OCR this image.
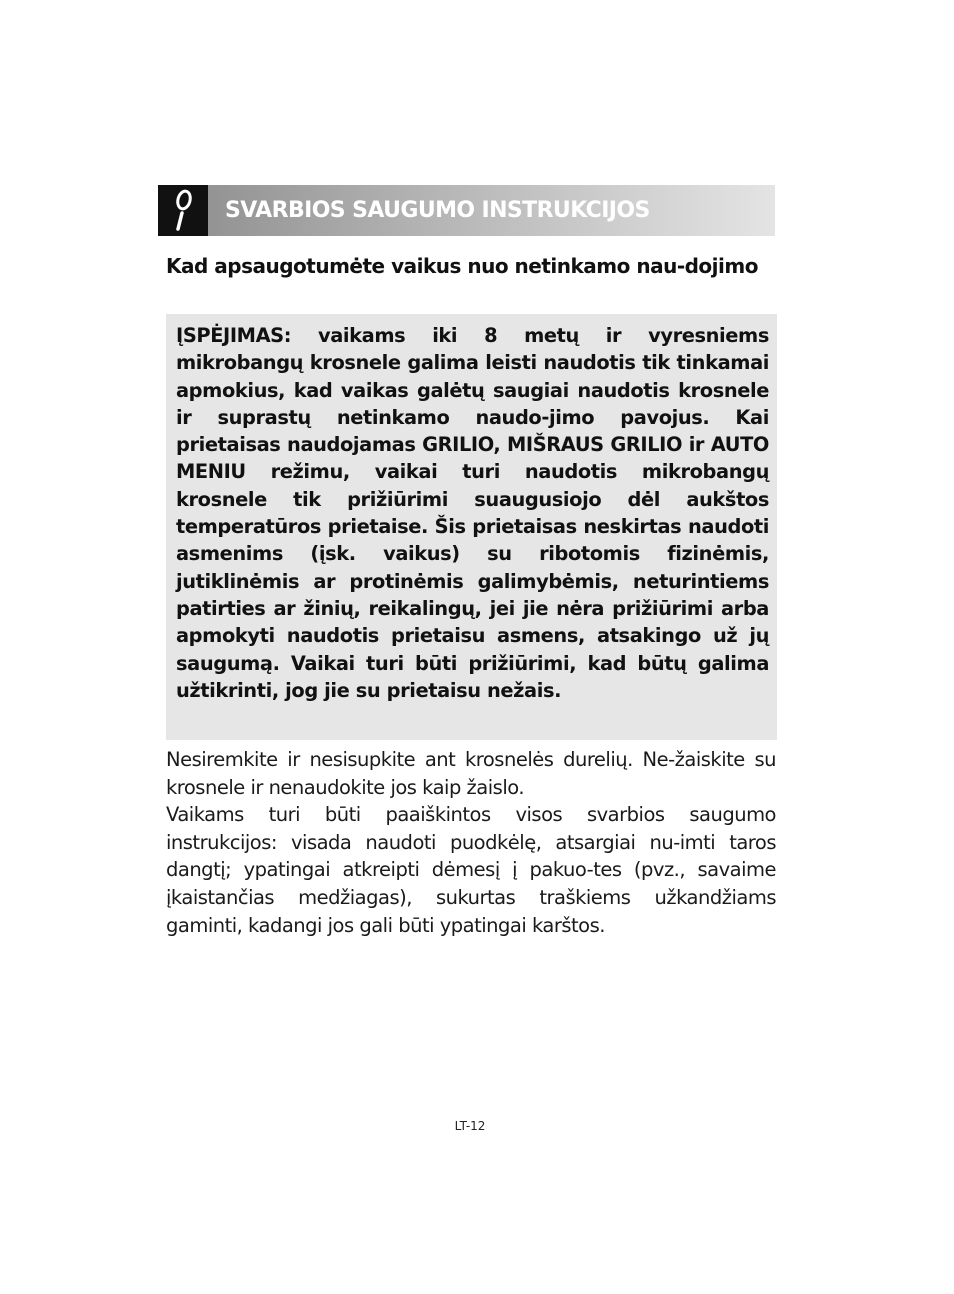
SVARBIOS SAUGUMO INSTRUKCIJOS
Kad apsaugotumėte vaikus nuo netinkamo nau-dojimo

ĮSPĖJIMAS: vaikams iki 8 metų ir vyresniems mikrobangų krosnele galima leisti naudotis tik tinkamai apmokius, kad vaikas galėtų saugiai naudotis krosnele ir suprastų netinkamo naudo-jimo pavojus. Kai prietaisas naudojamas GRILIO, MIŠRAUS GRILIO ir AUTO MENIU režimu, vaikai turi naudotis mikrobangų krosnele tik prižiūrimi suaugusiojo dėl aukštos temperatūros prietaise. Šis prietaisas neskirtas naudoti asmenims (įsk. vaikus) su ribotomis fizinėmis, jutiklinėmis ar protinėmis galimybėmis, neturintiems patirties ar žinių, reikalingų, jei jie nėra prižiūrimi arba apmokyti naudotis prietaisu asmens, atsakingo už jų saugumą. Vaikai turi būti prižiūrimi, kad būtų galima užtikrinti, jog jie su prietaisu nežais.

Nesiremkite ir nesisupkite ant krosnelės durelių. Ne-žaiskite su krosnele ir nenaudokite jos kaip žaislo.

Vaikams turi būti paaiškintos visos svarbios saugumo instrukcijos: visada naudoti puodkėlę, atsargiai nu-imti taros dangtį; ypatingai atkreipti dėmesį į pakuo-tes (pvz., savaime įkaistančias medžiagas), sukurtas traškiems užkandžiams gaminti, kadangi jos gali būti ypatingai karštos.

LT-12
